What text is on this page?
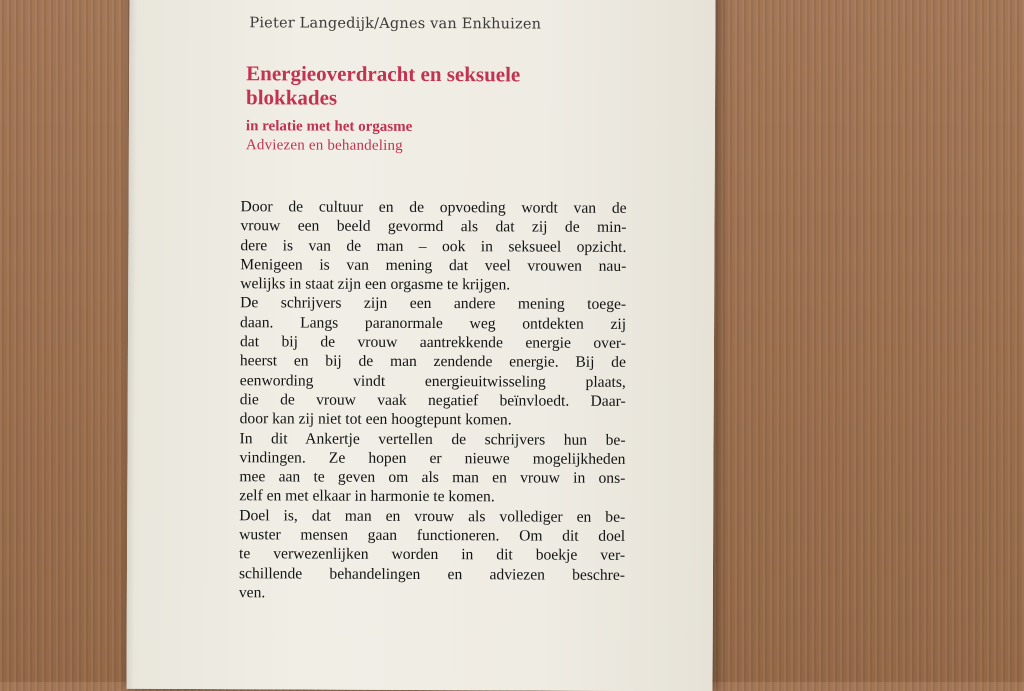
Pieter Langedijk/Agnes van Enkhuizen
Energieoverdracht en seksuele
blokkades
in relatie met het orgasme
Adviezen en behandeling
Door de cultuur en de opvoeding wordt van de
vrouw een beeld gevormd als dat zij de min-
dere is van de man – ook in seksueel opzicht.
Menigeen is van mening dat veel vrouwen nau-
welijks in staat zijn een orgasme te krijgen.
De schrijvers zijn een andere mening toege-
daan. Langs paranormale weg ontdekten zij
dat bij de vrouw aantrekkende energie over-
heerst en bij de man zendende energie. Bij de
eenwording vindt energieuitwisseling plaats,
die de vrouw vaak negatief beïnvloedt. Daar-
door kan zij niet tot een hoogtepunt komen.
In dit Ankertje vertellen de schrijvers hun be-
vindingen. Ze hopen er nieuwe mogelijkheden
mee aan te geven om als man en vrouw in ons-
zelf en met elkaar in harmonie te komen.
Doel is, dat man en vrouw als vollediger en be-
wuster mensen gaan functioneren. Om dit doel
te verwezenlijken worden in dit boekje ver-
schillende behandelingen en adviezen beschre-
ven.
